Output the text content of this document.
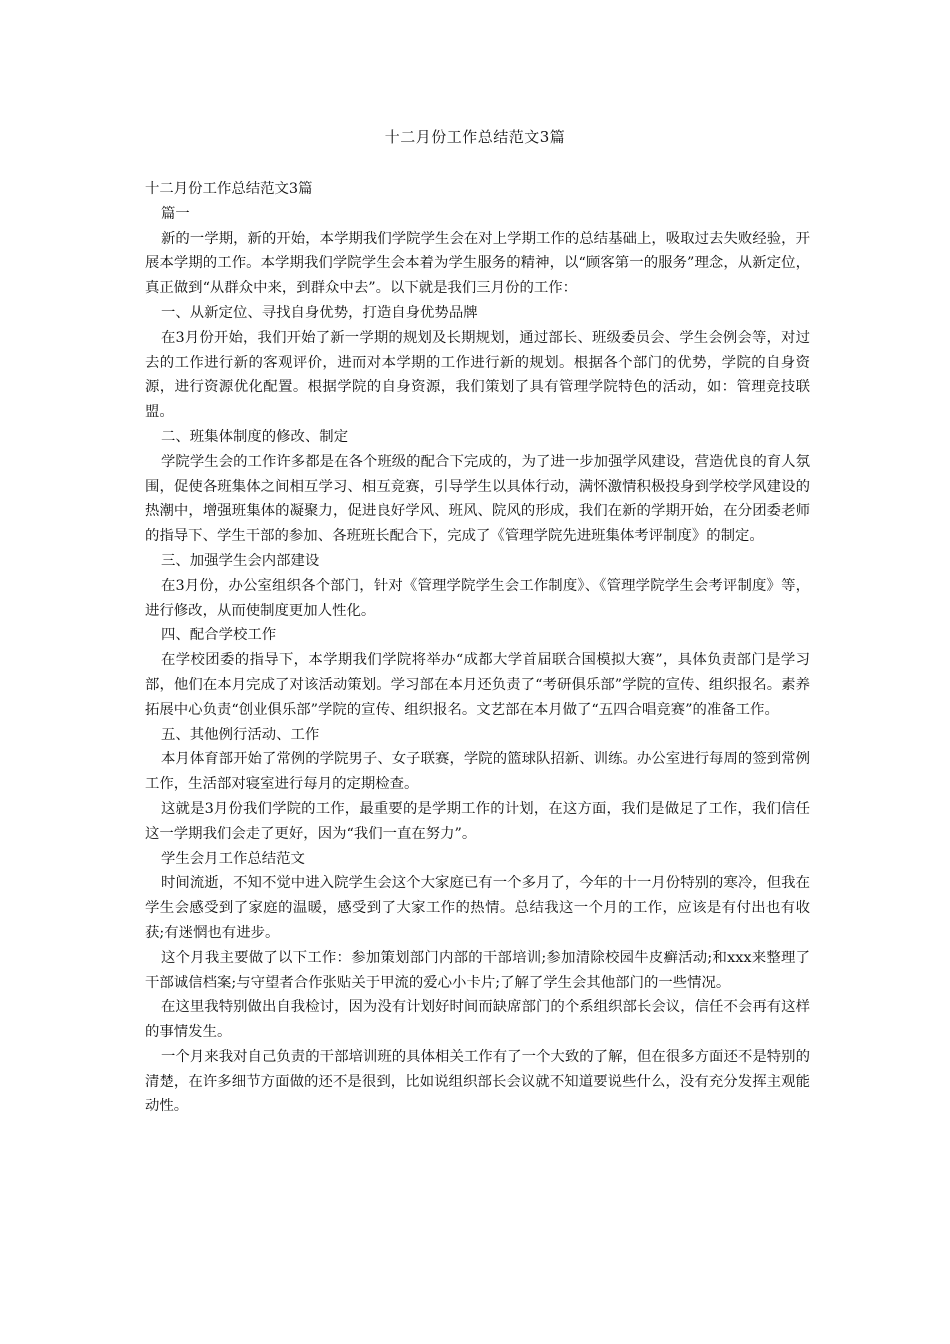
十二月份工作总结范文3篇

十二月份工作总结范文3篇

篇一

新的一学期，新的开始，本学期我们学院学生会在对上学期工作的总结基础上，吸取过去失败经验，开展本学期的工作。本学期我们学院学生会本着为学生服务的精神，以“顾客第一的服务”理念，从新定位，真正做到“从群众中来，到群众中去”。以下就是我们三月份的工作：

一、从新定位、寻找自身优势，打造自身优势品牌

在3月份开始，我们开始了新一学期的规划及长期规划，通过部长、班级委员会、学生会例会等，对过去的工作进行新的客观评价，进而对本学期的工作进行新的规划。根据各个部门的优势，学院的自身资源，进行资源优化配置。根据学院的自身资源，我们策划了具有管理学院特色的活动，如：管理竞技联盟。

二、班集体制度的修改、制定

学院学生会的工作许多都是在各个班级的配合下完成的，为了进一步加强学风建设，营造优良的育人氛围，促使各班集体之间相互学习、相互竞赛，引导学生以具体行动，满怀激情积极投身到学校学风建设的热潮中，增强班集体的凝聚力，促进良好学风、班风、院风的形成，我们在新的学期开始，在分团委老师的指导下、学生干部的参加、各班班长配合下，完成了《管理学院先进班集体考评制度》的制定。

三、加强学生会内部建设

在3月份，办公室组织各个部门，针对《管理学院学生会工作制度》、《管理学院学生会考评制度》等，进行修改，从而使制度更加人性化。

四、配合学校工作

在学校团委的指导下，本学期我们学院将举办“成都大学首届联合国模拟大赛”，具体负责部门是学习部，他们在本月完成了对该活动策划。学习部在本月还负责了“考研俱乐部”学院的宣传、组织报名。素养拓展中心负责“创业俱乐部”学院的宣传、组织报名。文艺部在本月做了“五四合唱竞赛”的准备工作。

五、其他例行活动、工作

本月体育部开始了常例的学院男子、女子联赛，学院的篮球队招新、训练。办公室进行每周的签到常例工作，生活部对寝室进行每月的定期检查。

这就是3月份我们学院的工作，最重要的是学期工作的计划，在这方面，我们是做足了工作，我们信任这一学期我们会走了更好，因为“我们一直在努力”。

学生会月工作总结范文

时间流逝，不知不觉中进入院学生会这个大家庭已有一个多月了，今年的十一月份特别的寒冷，但我在学生会感受到了家庭的温暖，感受到了大家工作的热情。总结我这一个月的工作，应该是有付出也有收获;有迷惘也有进步。

这个月我主要做了以下工作：参加策划部门内部的干部培训;参加清除校园牛皮癣活动;和xxx来整理了干部诚信档案;与守望者合作张贴关于甲流的爱心小卡片;了解了学生会其他部门的一些情况。

在这里我特别做出自我检讨，因为没有计划好时间而缺席部门的个系组织部长会议，信任不会再有这样的事情发生。

一个月来我对自己负责的干部培训班的具体相关工作有了一个大致的了解，但在很多方面还不是特别的清楚，在许多细节方面做的还不是很到，比如说组织部长会议就不知道要说些什么，没有充分发挥主观能动性。
